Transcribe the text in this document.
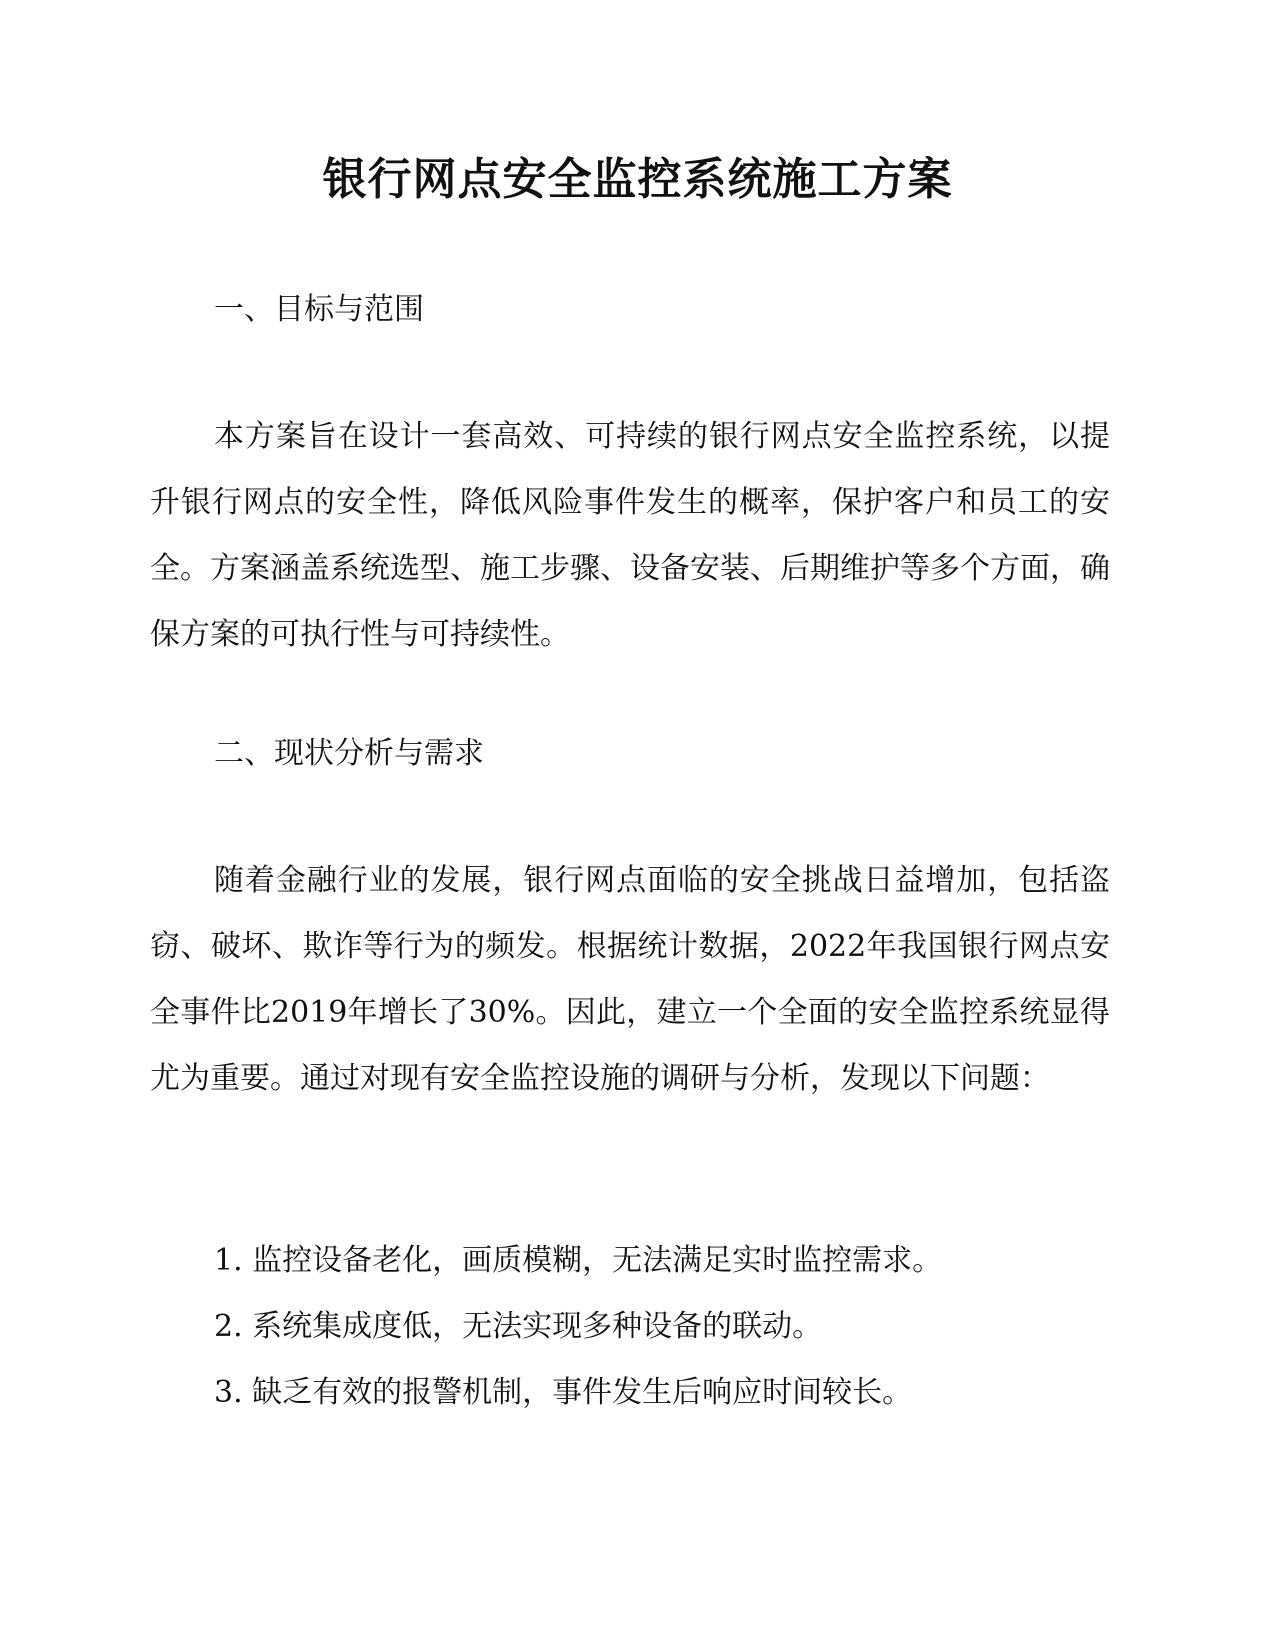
银行网点安全监控系统施工方案
一、目标与范围

本方案旨在设计一套高效、可持续的银行网点安全监控系统，以提升银行网点的安全性，降低风险事件发生的概率，保护客户和员工的安全。方案涵盖系统选型、施工步骤、设备安装、后期维护等多个方面，确保方案的可执行性与可持续性。

二、现状分析与需求

随着金融行业的发展，银行网点面临的安全挑战日益增加，包括盗窃、破坏、欺诈等行为的频发。根据统计数据，2022年我国银行网点安全事件比2019年增长了30%。因此，建立一个全面的安全监控系统显得尤为重要。通过对现有安全监控设施的调研与分析，发现以下问题：

1. 监控设备老化，画质模糊，无法满足实时监控需求。
2. 系统集成度低，无法实现多种设备的联动。
3. 缺乏有效的报警机制，事件发生后响应时间较长。
